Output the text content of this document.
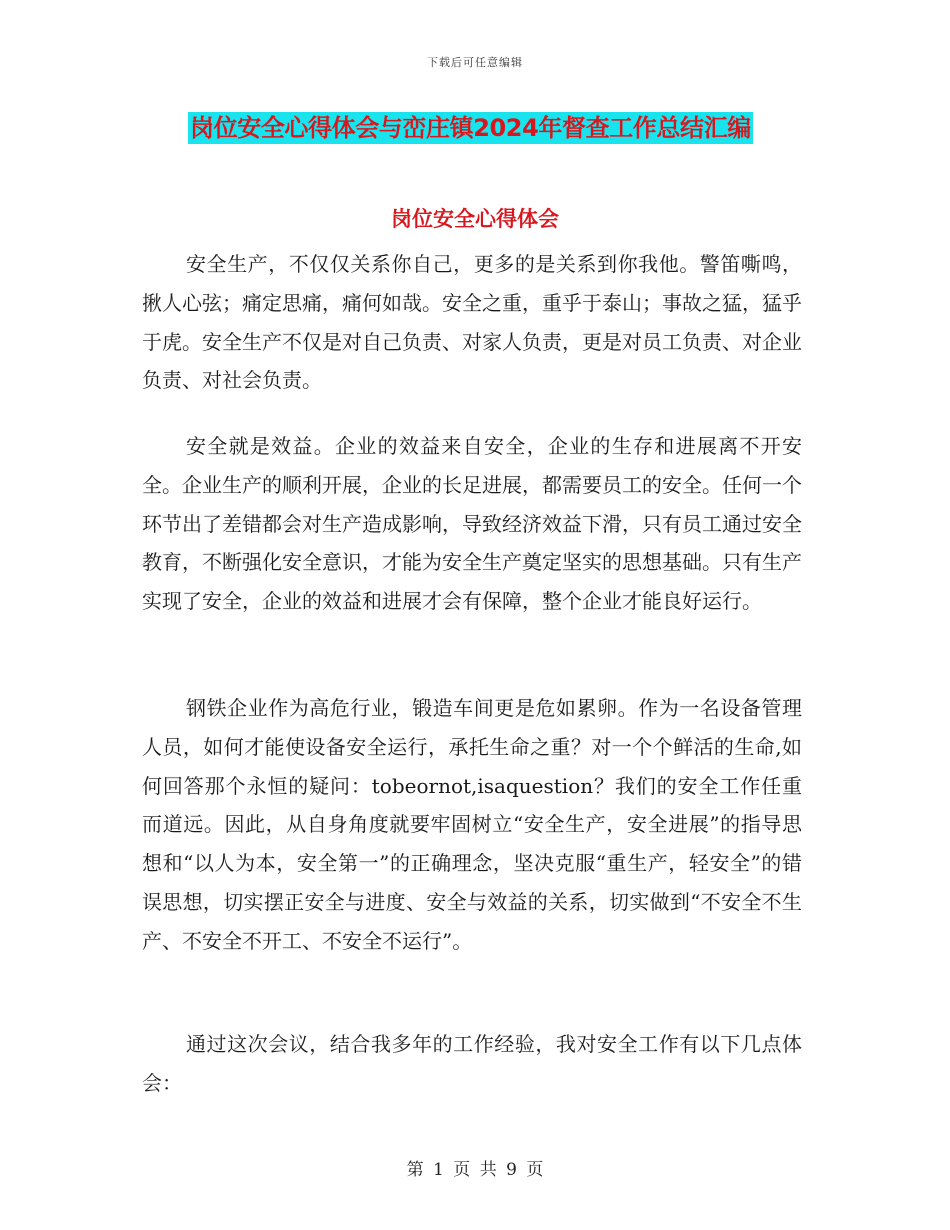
下载后可任意编辑
岗位安全心得体会与峦庄镇2024年督查工作总结汇编
岗位安全心得体会

安全生产，不仅仅关系你自己，更多的是关系到你我他。警笛嘶鸣，揪人心弦；痛定思痛，痛何如哉。安全之重，重乎于泰山；事故之猛，猛乎于虎。安全生产不仅是对自己负责、对家人负责，更是对员工负责、对企业负责、对社会负责。

安全就是效益。企业的效益来自安全，企业的生存和进展离不开安全。企业生产的顺利开展，企业的长足进展，都需要员工的安全。任何一个环节出了差错都会对生产造成影响，导致经济效益下滑，只有员工通过安全教育，不断强化安全意识，才能为安全生产奠定坚实的思想基础。只有生产实现了安全，企业的效益和进展才会有保障，整个企业才能良好运行。

钢铁企业作为高危行业，锻造车间更是危如累卵。作为一名设备管理人员，如何才能使设备安全运行，承托生命之重？对一个个鲜活的生命,如何回答那个永恒的疑问：tobeornot,isaquestion？我们的安全工作任重而道远。因此，从自身角度就要牢固树立“安全生产，安全进展”的指导思想和“以人为本，安全第一”的正确理念，坚决克服“重生产，轻安全”的错误思想，切实摆正安全与进度、安全与效益的关系，切实做到“不安全不生产、不安全不开工、不安全不运行”。

通过这次会议，结合我多年的工作经验，我对安全工作有以下几点体会：

第 1 页 共 9 页
